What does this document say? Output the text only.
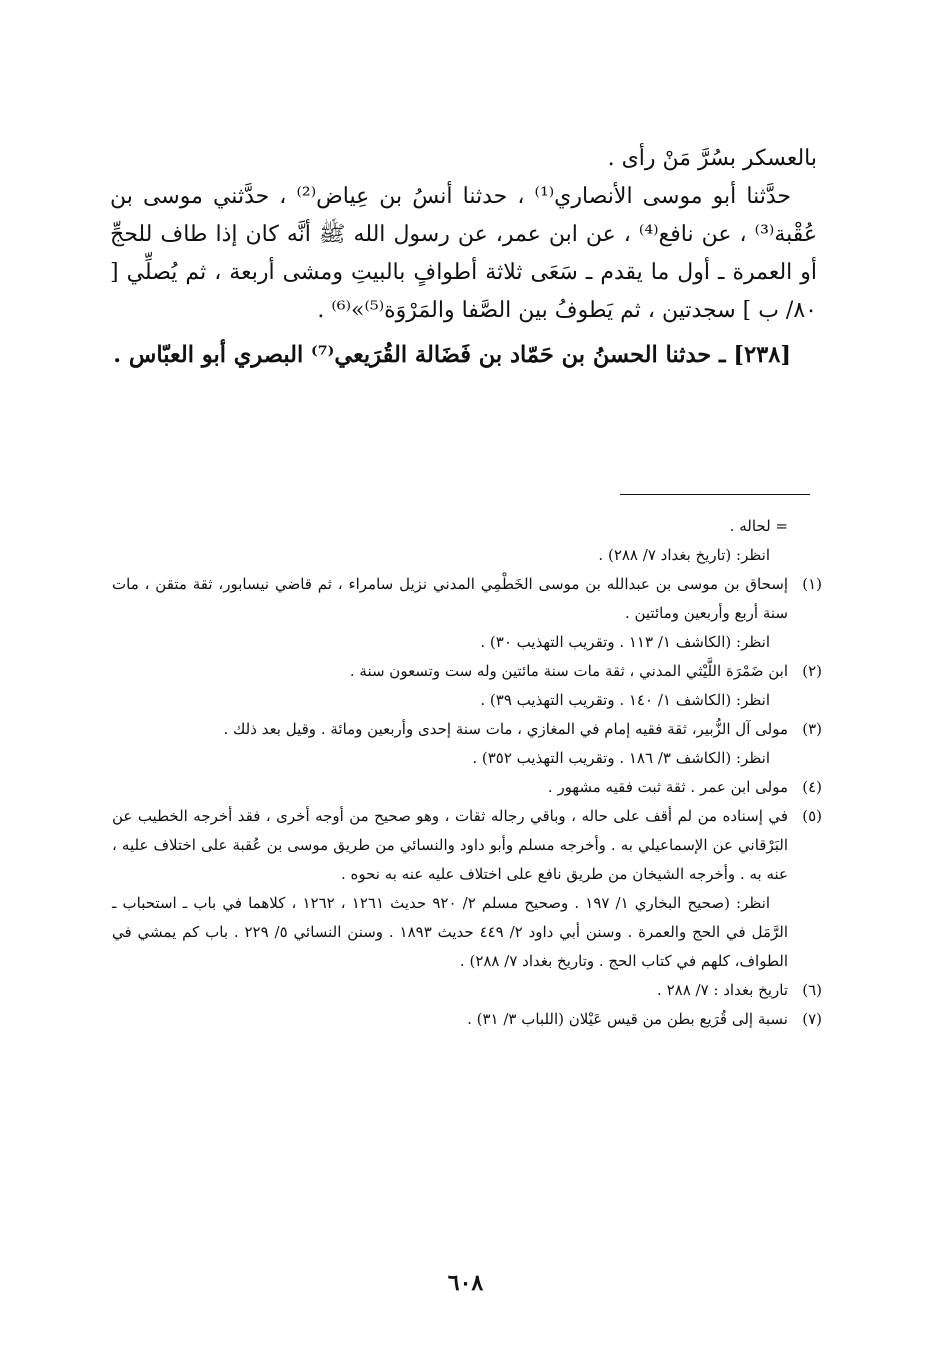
بالعسكر بسُرَّ مَنْ رأى .

حدَّثنا أبو موسى الأنصاري⁽¹⁾ ، حدثنا أنسُ بن عِياض⁽²⁾ ، حدَّثني موسى بن عُقْبة⁽³⁾ ، عن نافع⁽⁴⁾ ، عن ابن عمر، عن رسول الله ﷺ أنَّه كان إذا طاف للحجِّ أو العمرة ـ أول ما يقدم ـ سَعَى ثلاثة أطوافٍ بالبيتِ ومشى أربعة ، ثم يُصلِّي [ ٨٠/ ب ] سجدتين ، ثم يَطوفُ بين الصَّفا والمَرْوَة⁽⁵⁾»⁽⁶⁾ .

[٢٣٨] ـ حدثنا الحسنُ بن حَمّاد بن فَضَالة القُرَيعي⁽⁷⁾ البصري أبو العبّاس .

= لحاله .
انظر: (تاريخ بغداد ٧/ ٢٨٨) .
(١)
إسحاق بن موسى بن عبدالله بن موسى الخَطْمِي المدني نزيل سامراء ، ثم قاضي نيسابور، ثقة متقن ، مات سنة أربع وأربعين ومائتين .
انظر: (الكاشف ١/ ١١٣ . وتقريب التهذيب ٣٠) .
(٢)
ابن ضَمْرَة اللَّيْثي المدني ، ثقة مات سنة مائتين وله ست وتسعون سنة .
انظر: (الكاشف ١/ ١٤٠ . وتقريب التهذيب ٣٩) .
(٣)
مولى آل الزُّبير، ثقة فقيه إمام في المغازي ، مات سنة إحدى وأربعين ومائة . وقيل بعد ذلك .
انظر: (الكاشف ٣/ ١٨٦ . وتقريب التهذيب ٣٥٢) .
(٤)
مولى ابن عمر . ثقة ثبت فقيه مشهور .
(٥)
في إسناده من لم أقف على حاله ، وباقي رجاله ثقات ، وهو صحيح من أوجه أخرى ، فقد أخرجه الخطيب عن البَرْقاني عن الإسماعيلي به . وأخرجه مسلم وأبو داود والنسائي من طريق موسى بن عُقبة على اختلاف عليه ، عنه به . وأخرجه الشيخان من طريق نافع على اختلاف عليه عنه به نحوه .
انظر: (صحيح البخاري ١/ ١٩٧ . وصحيح مسلم ٢/ ٩٢٠ حديث ١٢٦١ ، ١٢٦٢ ، كلاهما في باب ـ استحباب ـ الرَّمَل في الحج والعمرة . وسنن أبي داود ٢/ ٤٤٩ حديث ١٨٩٣ . وسنن النسائي ٥/ ٢٢٩ . باب كم يمشي في الطواف، كلهم في كتاب الحج . وتاريخ بغداد ٧/ ٢٨٨) .
(٦)
تاريخ بغداد : ٧/ ٢٨٨ .
(٧)
نسبة إلى قُرَيع بطن من قيس عَيْلان (اللباب ٣/ ٣١) .
٦٠٨
